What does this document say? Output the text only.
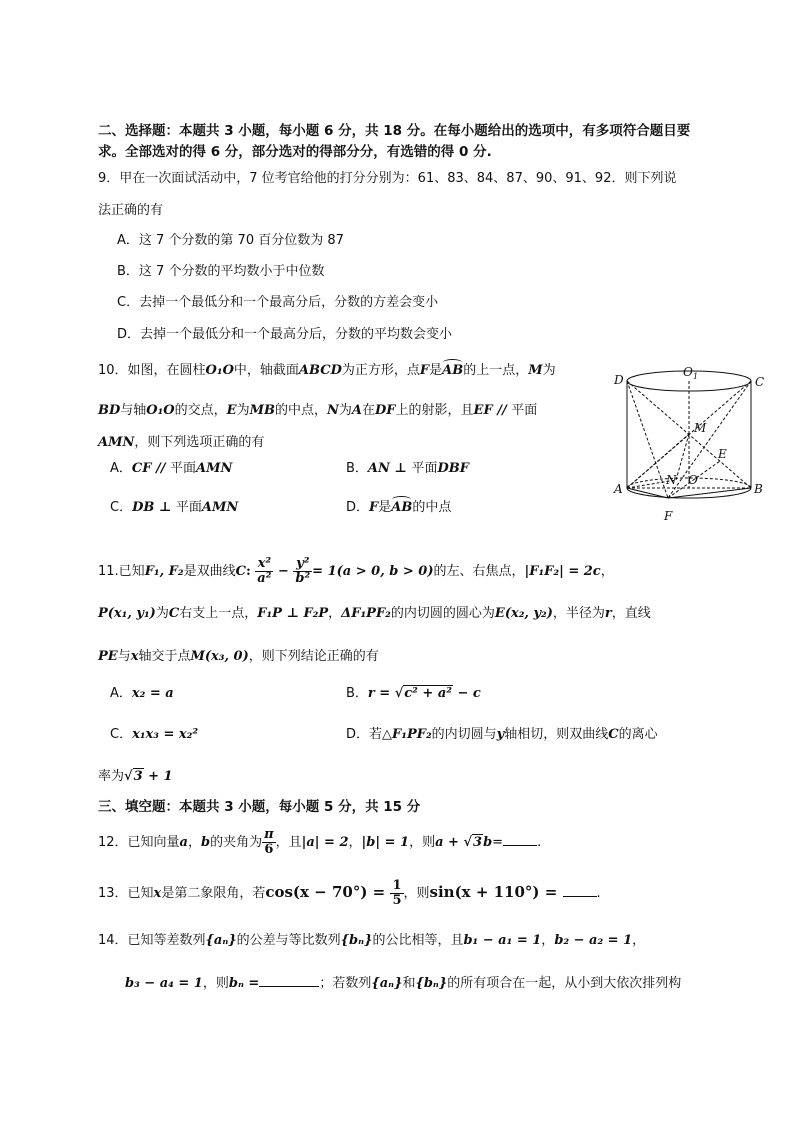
二、选择题：本题共 3 小题，每小题 6 分，共 18 分。在每小题给出的选项中，有多项符合题目要
求。全部选对的得 6 分，部分选对的得部分分，有选错的得 0 分.
9．甲在一次面试活动中，7 位考官给他的打分分别为：61、83、84、87、90、91、92．则下列说
法正确的有
A．这 7 个分数的第 70 百分位数为 87
B．这 7 个分数的平均数小于中位数
C．去掉一个最低分和一个最高分后，分数的方差会变小
D．去掉一个最低分和一个最高分后，分数的平均数会变小
10．如图，在圆柱O₁O中，轴截面ABCD为正方形，点F是AB的上一点，M为
BD与轴O₁O的交点，E为MB的中点，N为A在DF上的射影，且EF // 平面
AMN，则下列选项正确的有
A．CF // 平面AMN	B．AN ⊥ 平面DBF
C．DB ⊥ 平面AMN	D．F是AB的中点
D
O 1	C
M
E
A
N O
B
F
11.已知F₁, F₂是双曲线C: $\frac{\text{x²}}{\text{a²}} - \frac{\text{y²}}{\text{b²}} = 1(a > 0$, b > 0)的左、右焦点，|F₁F₂| = 2c，
P(x₁, y₁)为C右支上一点，F₁P ⊥ F₂P，ΔF₁PF₂的内切圆的圆心为E(x₂, y₂)，半径为r，直线
PE与x轴交于点M(x₃, 0)，则下列结论正确的有
A．x₂ = a	B．r = √c² + a² − c
C．x₁x₃ = x₂²	D．若△F₁PF₂的内切圆与y轴相切，则双曲线C的离心
率为√3 + 1
三、填空题：本题共 3 小题，每小题 5 分，共 15 分
12．已知向量a，b的夹角为 $\frac{\pi}{6}$ ，且|a| = 2，|b| = 1，则a + √3b=	.
13．已知x是第二象限角，若$\cos(x - 70^\circ) = \frac{1}{5}$ ，则sin(x + 110°) =	.
14．已知等差数列{aₙ}的公差与等比数列{bₙ}的公比相等，且b₁ − a₁ = 1，b₂ − a₂ = 1，
b₃ − a₄ = 1，则bₙ =	；若数列{aₙ}和{bₙ}的所有项合在一起，从小到大依次排列构
